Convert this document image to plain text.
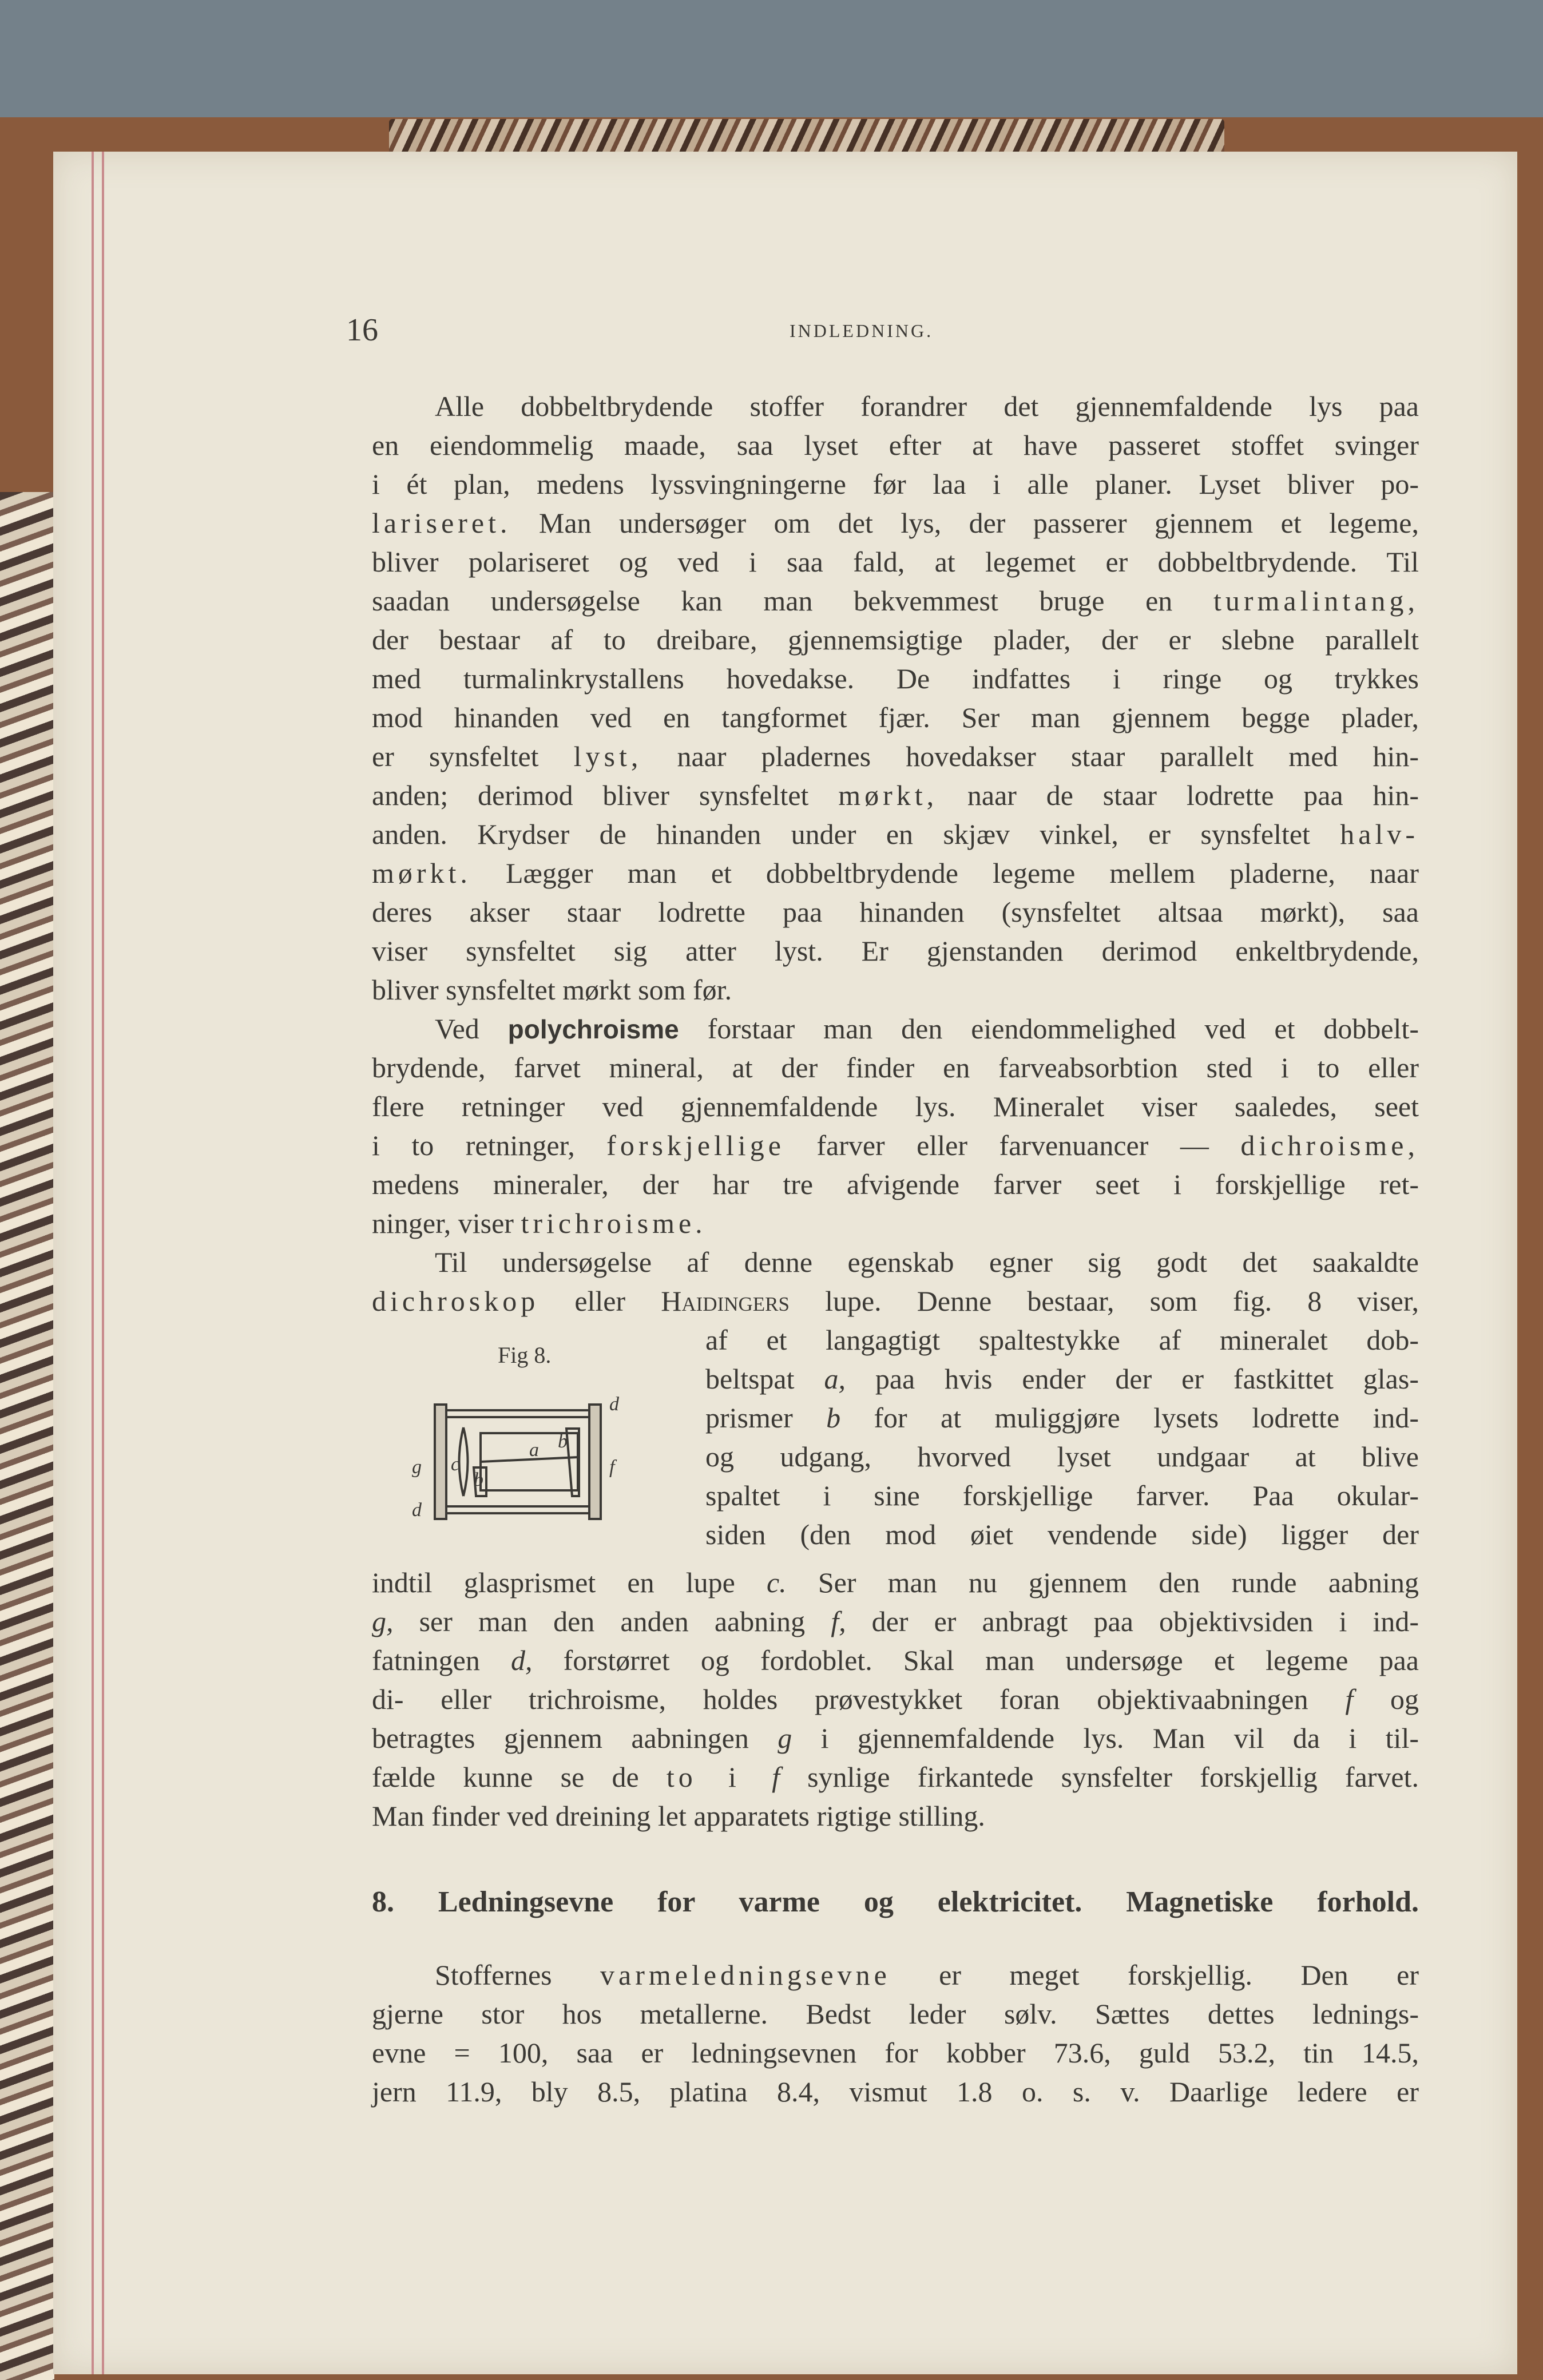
16	INDLEDNING.
Fig 8.
d
a b
g c
b
f
d
Alle dobbeltbrydende stoffer forandrer det gjennemfaldende lys paa
en eiendommelig maade, saa lyset efter at have passeret stoffet svinger
i ét plan, medens lyssvingningerne før laa i alle planer. Lyset bliver po-
lariseret. Man undersøger om det lys, der passerer gjennem et legeme,
bliver polariseret og ved i saa fald, at legemet er dobbeltbrydende. Til
saadan undersøgelse kan man bekvemmest bruge en turmalintang,
der bestaar af to dreibare, gjennemsigtige plader, der er slebne parallelt
med turmalinkrystallens hovedakse. De indfattes i ringe og trykkes
mod hinanden ved en tangformet fjær. Ser man gjennem begge plader,
er synsfeltet lyst, naar pladernes hovedakser staar parallelt med hin-
anden; derimod bliver synsfeltet mørkt, naar de staar lodrette paa hin-
anden. Krydser de hinanden under en skjæv vinkel, er synsfeltet halv-
mørkt. Lægger man et dobbeltbrydende legeme mellem pladerne, naar
deres akser staar lodrette paa hinanden (synsfeltet altsaa mørkt), saa
viser synsfeltet sig atter lyst. Er gjenstanden derimod enkeltbrydende,
bliver synsfeltet mørkt som før.
Ved polychroisme forstaar man den eiendommelighed ved et dobbelt-
brydende, farvet mineral, at der finder en farveabsorbtion sted i to eller
flere retninger ved gjennemfaldende lys. Mineralet viser saaledes, seet
i to retninger, forskjellige farver eller farvenuancer — dichroisme,
medens mineraler, der har tre afvigende farver seet i forskjellige ret-
ninger, viser trichroisme.
Til undersøgelse af denne egenskab egner sig godt det saakaldte
dichroskop eller Haidingers lupe. Denne bestaar, som fig. 8 viser,
af et langagtigt spaltestykke af mineralet dob-
beltspat a, paa hvis ender der er fastkittet glas-
prismer b for at muliggjøre lysets lodrette ind-
og udgang, hvorved lyset undgaar at blive
spaltet i sine forskjellige farver. Paa okular-
siden (den mod øiet vendende side) ligger der
indtil glasprismet en lupe c. Ser man nu gjennem den runde aabning
g, ser man den anden aabning f, der er anbragt paa objektivsiden i ind-
fatningen d, forstørret og fordoblet. Skal man undersøge et legeme paa
di- eller trichroisme, holdes prøvestykket foran objektivaabningen f og
betragtes gjennem aabningen g i gjennemfaldende lys. Man vil da i til-
fælde kunne se de to i f synlige firkantede synsfelter forskjellig farvet.
Man finder ved dreining let apparatets rigtige stilling.
8. Ledningsevne for varme og elektricitet. Magnetiske forhold.
Stoffernes varmeledningsevne er meget forskjellig. Den er
gjerne stor hos metallerne. Bedst leder sølv. Sættes dettes lednings-
evne = 100, saa er ledningsevnen for kobber 73.6, guld 53.2, tin 14.5,
jern 11.9, bly 8.5, platina 8.4, vismut 1.8 o. s. v. Daarlige ledere er
